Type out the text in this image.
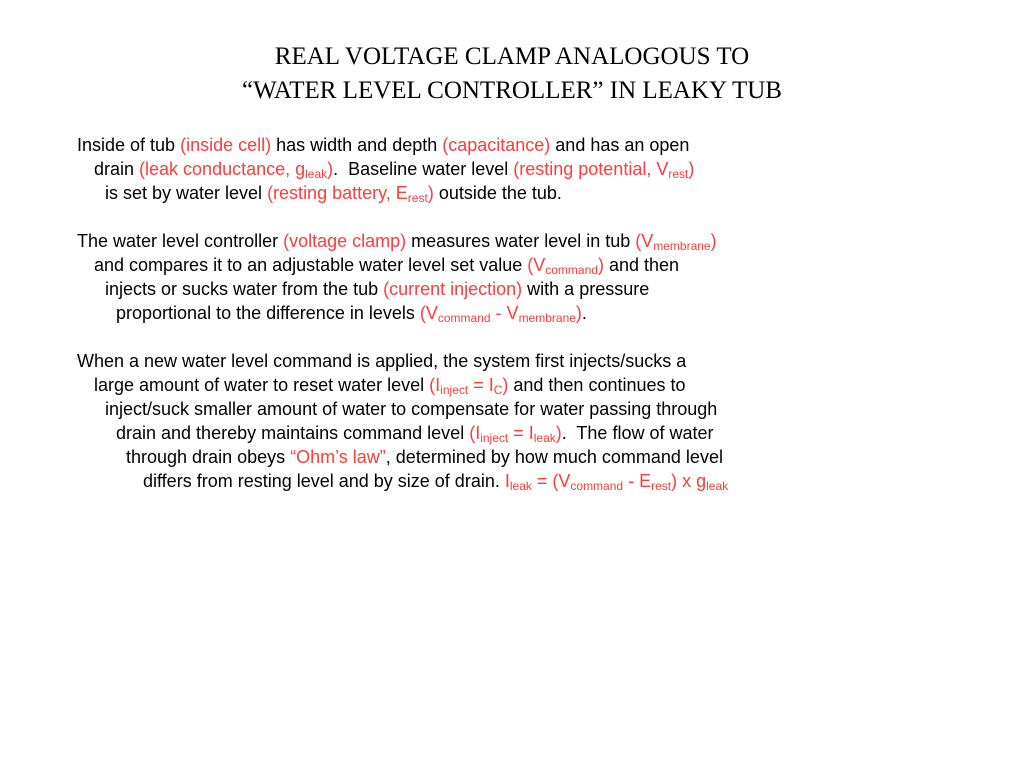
REAL VOLTAGE CLAMP ANALOGOUS TO
“WATER LEVEL CONTROLLER” IN LEAKY TUB
Inside of tub (inside cell) has width and depth (capacitance) and has an open
drain (leak conductance, $g_{leak}$).  Baseline water level (resting potential, $V_{rest}$)
is set by water level (resting battery, $E_{rest}$) outside the tub.
The water level controller (voltage clamp) measures water level in tub $(V_{membrane})$
and compares it to an adjustable water level set value $(V_{command})$ and then
injects or sucks water from the tub (current injection) with a pressure
proportional to the difference in levels $(V_{command} - V_{membrane})$.
When a new water level command is applied, the system first injects/sucks a
large amount of water to reset water level $(I_{inject} = I_C)$ and then continues to
inject/suck smaller amount of water to compensate for water passing through
drain and thereby maintains command level $(I_{inject} = I_{leak})$.  The flow of water
through drain obeys “Ohm’s law”, determined by how much command level
differs from resting level and by size of drain. $I_{leak} = (V_{command} - E_{rest})$ x $g_{leak}$
